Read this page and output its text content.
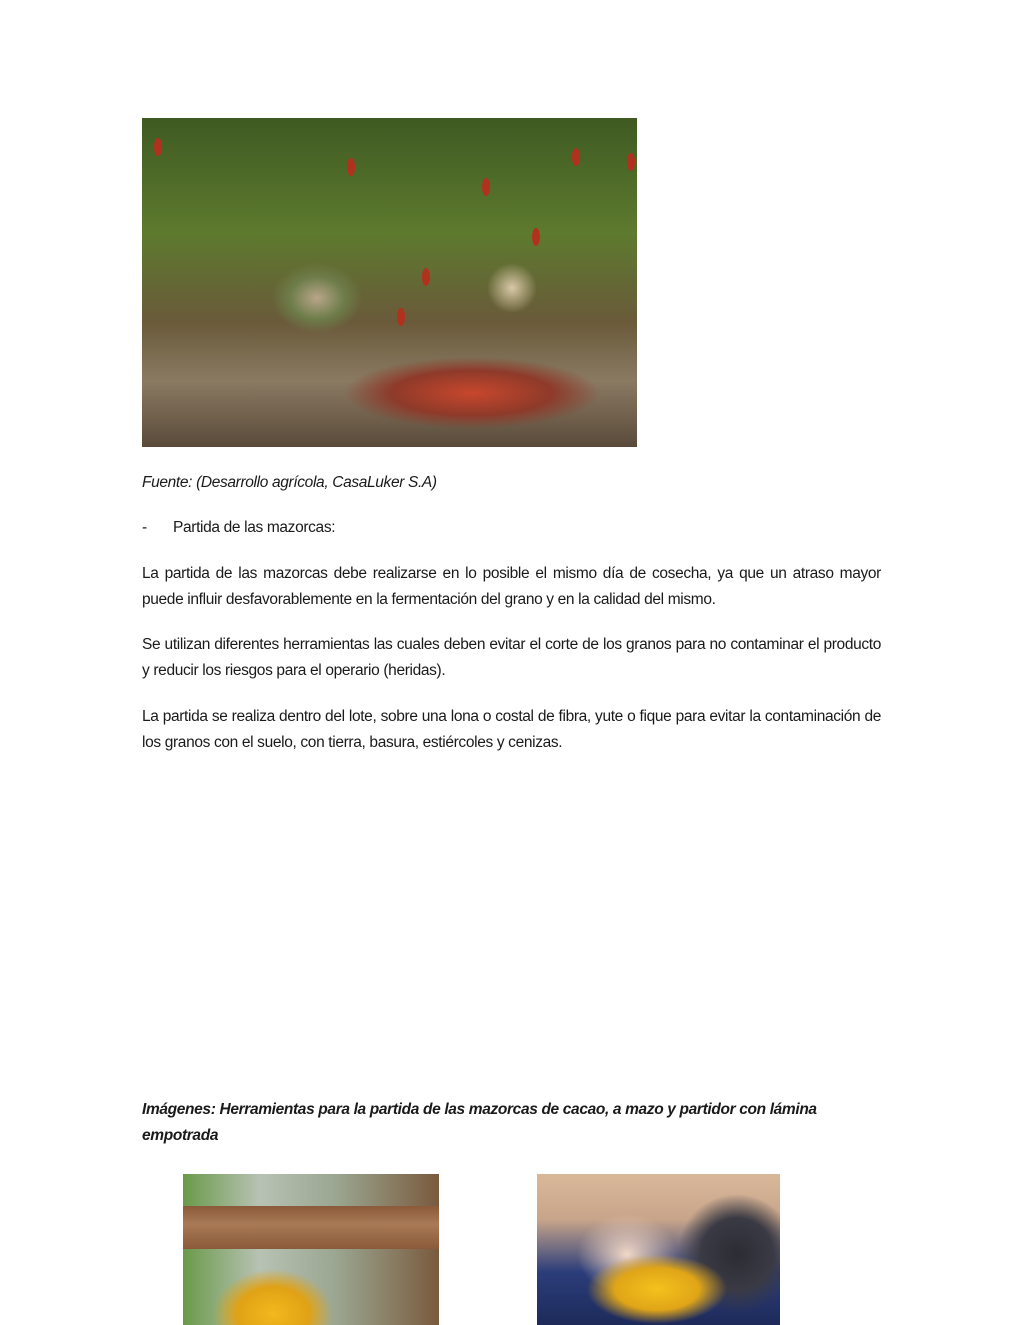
Fuente: (Desarrollo agrícola, CasaLuker S.A)
- Partida de las mazorcas:

La partida de las mazorcas debe realizarse en lo posible el mismo día de cosecha, ya que un atraso mayor puede influir desfavorablemente en la fermentación del grano y en la calidad del mismo.

Se utilizan diferentes herramientas las cuales deben evitar el corte de los granos para no contaminar el producto y reducir los riesgos para el operario (heridas).

La partida se realiza dentro del lote, sobre una lona o costal de fibra, yute o fique para evitar la contaminación de los granos con el suelo, con tierra, basura, estiércoles y cenizas.

Imágenes: Herramientas para la partida de las mazorcas de cacao, a mazo y partidor con lámina empotrada
